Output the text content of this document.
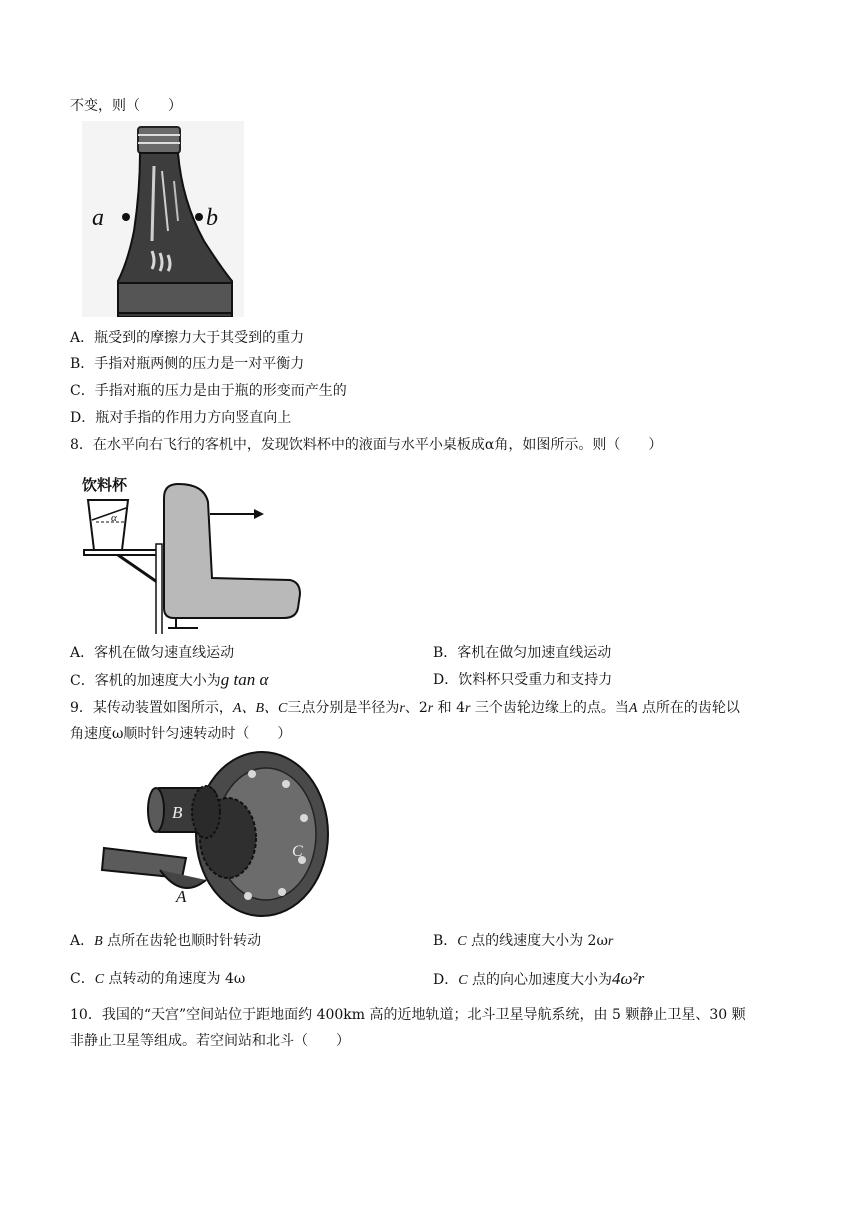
不变，则（　　）
a	b
A．瓶受到的摩擦力大于其受到的重力
B．手指对瓶两侧的压力是一对平衡力
C．手指对瓶的压力是由于瓶的形变而产生的
D．瓶对手指的作用力方向竖直向上
8．在水平向右飞行的客机中，发现饮料杯中的液面与水平小桌板成α角，如图所示。则（　　）
饮料杯
α
A．客机在做匀速直线运动	B．客机在做匀加速直线运动
C．客机的加速度大小为g tan α	D．饮料杯只受重力和支持力
9．某传动装置如图所示，A、B、C三点分别是半径为r、2r 和 4r 三个齿轮边缘上的点。当A 点所在的齿轮以
角速度ω顺时针匀速转动时（　　）
B
A
C
A．B 点所在齿轮也顺时针转动	B．C 点的线速度大小为 2ωr
C．C 点转动的角速度为 4ω	D．C 点的向心加速度大小为4ω²r
10．我国的“天宫”空间站位于距地面约 400km 高的近地轨道；北斗卫星导航系统，由 5 颗静止卫星、30 颗
非静止卫星等组成。若空间站和北斗（　　）
